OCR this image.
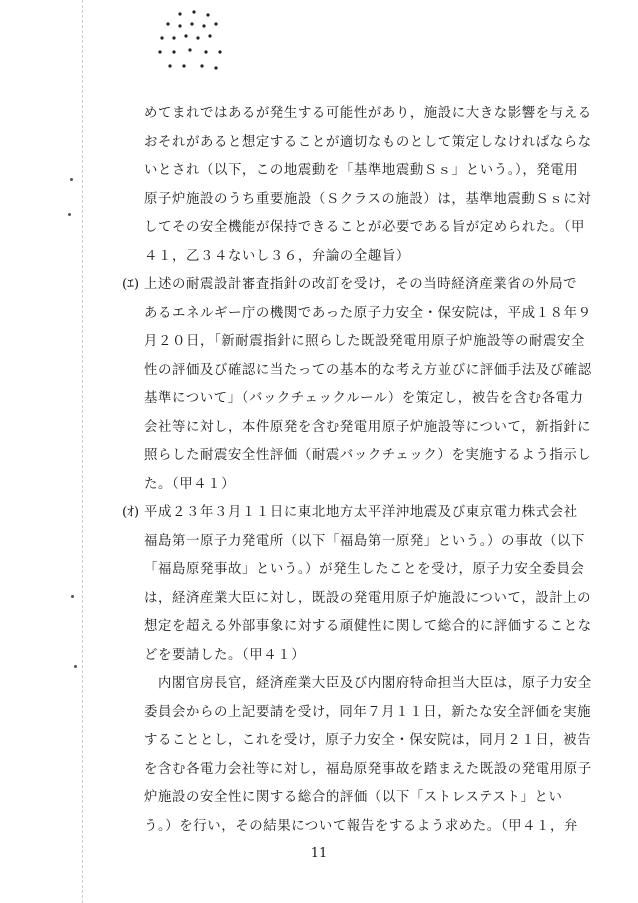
めてまれではあるが発生する可能性があり，施設に大きな影響を与える
おそれがあると想定することが適切なものとして策定しなければならな
いとされ（以下，この地震動を「基準地震動Ｓｓ」という。），発電用
原子炉施設のうち重要施設（Ｓクラスの施設）は，基準地震動Ｓｓに対
してその安全機能が保持できることが必要である旨が定められた。（甲
４１，乙３４ないし３６，弁論の全趣旨）
(ｴ) 上述の耐震設計審査指針の改訂を受け，その当時経済産業省の外局で
あるエネルギー庁の機関であった原子力安全・保安院は，平成１８年９
月２０日，「新耐震指針に照らした既設発電用原子炉施設等の耐震安全
性の評価及び確認に当たっての基本的な考え方並びに評価手法及び確認
基準について」（バックチェックルール）を策定し，被告を含む各電力
会社等に対し，本件原発を含む発電用原子炉施設等について，新指針に
照らした耐震安全性評価（耐震バックチェック）を実施するよう指示し
た。（甲４１）
(ｵ) 平成２３年３月１１日に東北地方太平洋沖地震及び東京電力株式会社
福島第一原子力発電所（以下「福島第一原発」という。）の事故（以下
「福島原発事故」という。）が発生したことを受け，原子力安全委員会
は，経済産業大臣に対し，既設の発電用原子炉施設について，設計上の
想定を超える外部事象に対する頑健性に関して総合的に評価することな
どを要請した。（甲４１）
内閣官房長官，経済産業大臣及び内閣府特命担当大臣は，原子力安全
委員会からの上記要請を受け，同年７月１１日，新たな安全評価を実施
することとし，これを受け，原子力安全・保安院は，同月２１日，被告
を含む各電力会社等に対し，福島原発事故を踏まえた既設の発電用原子
炉施設の安全性に関する総合的評価（以下「ストレステスト」とい
う。）を行い，その結果について報告をするよう求めた。（甲４１，弁
11
